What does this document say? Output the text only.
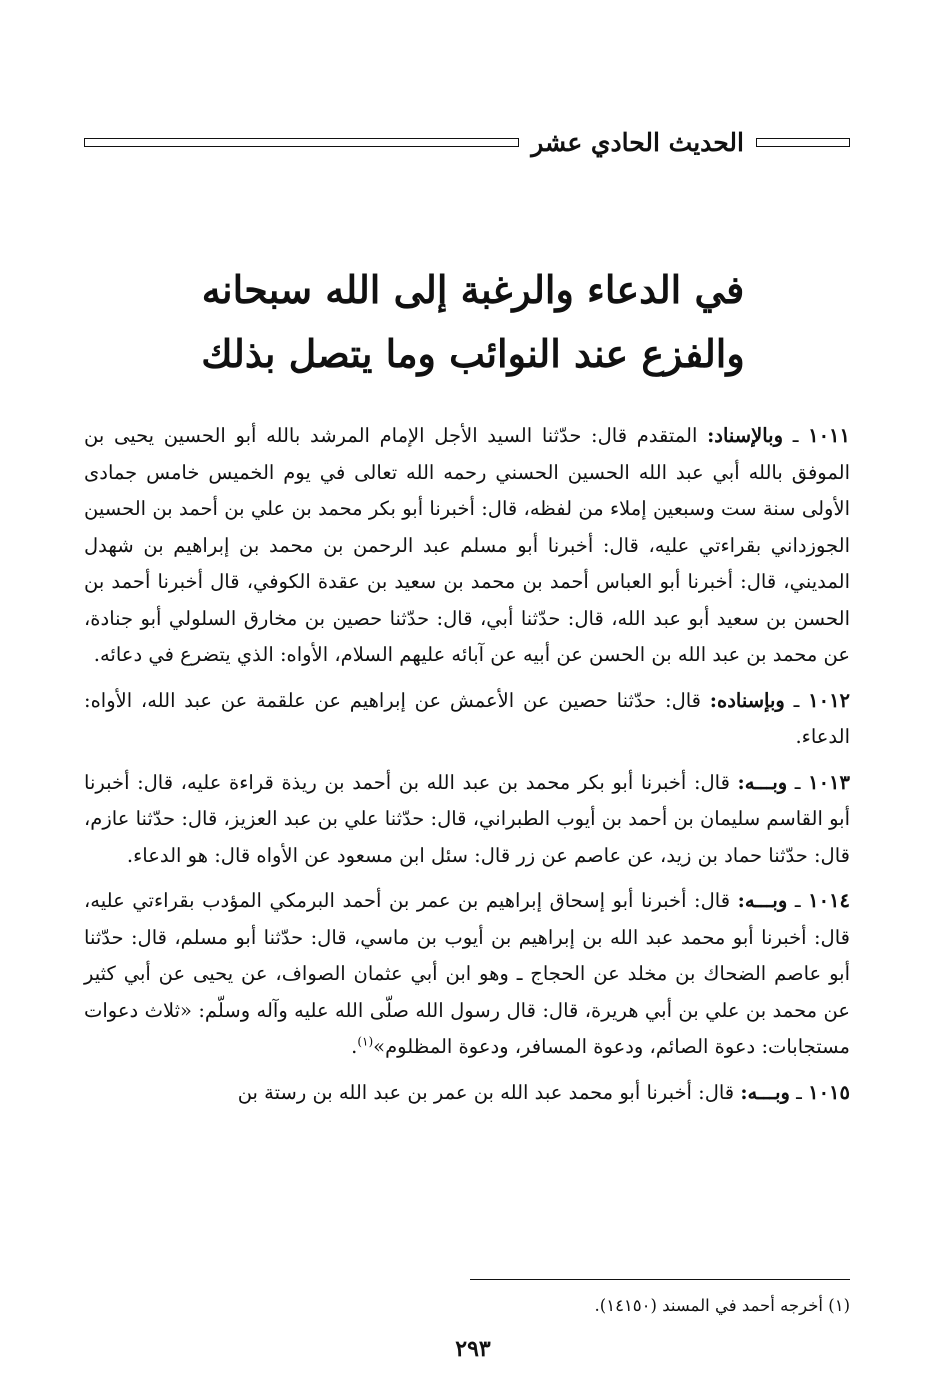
الحديث الحادي عشر
في الدعاء والرغبة إلى الله سبحانه
والفزع عند النوائب وما يتصل بذلك

١٠١١ ـ وبالإسناد: المتقدم قال: حدّثنا السيد الأجل الإمام المرشد بالله أبو الحسين يحيى بن الموفق بالله أبي عبد الله الحسين الحسني رحمه الله تعالى في يوم الخميس خامس جمادى الأولى سنة ست وسبعين إملاء من لفظه، قال: أخبرنا أبو بكر محمد بن علي بن أحمد بن الحسين الجوزداني بقراءتي عليه، قال: أخبرنا أبو مسلم عبد الرحمن بن محمد بن إبراهيم بن شهدل المديني، قال: أخبرنا أبو العباس أحمد بن محمد بن سعيد بن عقدة الكوفي، قال أخبرنا أحمد بن الحسن بن سعيد أبو عبد الله، قال: حدّثنا أبي، قال: حدّثنا حصين بن مخارق السلولي أبو جنادة، عن محمد بن عبد الله بن الحسن عن أبيه عن آبائه عليهم السلام، الأواه: الذي يتضرع في دعائه.

١٠١٢ ـ وبإسناده: قال: حدّثنا حصين عن الأعمش عن إبراهيم عن علقمة عن عبد الله، الأواه: الدعاء.

١٠١٣ ـ وبـــه: قال: أخبرنا أبو بكر محمد بن عبد الله بن أحمد بن ريذة قراءة عليه، قال: أخبرنا أبو القاسم سليمان بن أحمد بن أيوب الطبراني، قال: حدّثنا علي بن عبد العزيز، قال: حدّثنا عازم، قال: حدّثنا حماد بن زيد، عن عاصم عن زر قال: سئل ابن مسعود عن الأواه قال: هو الدعاء.

١٠١٤ ـ وبـــه: قال: أخبرنا أبو إسحاق إبراهيم بن عمر بن أحمد البرمكي المؤدب بقراءتي عليه، قال: أخبرنا أبو محمد عبد الله بن إبراهيم بن أيوب بن ماسي، قال: حدّثنا أبو مسلم، قال: حدّثنا أبو عاصم الضحاك بن مخلد عن الحجاج ـ وهو ابن أبي عثمان الصواف، عن يحيى عن أبي كثير عن محمد بن علي بن أبي هريرة، قال: قال رسول الله صلّى الله عليه وآله وسلّم: «ثلاث دعوات مستجابات: دعوة الصائم، ودعوة المسافر، ودعوة المظلوم»$^{(١)}$.

١٠١٥ ـ وبـــه: قال: أخبرنا أبو محمد عبد الله بن عمر بن عبد الله بن رستة بن

(١) أخرجه أحمد في المسند (١٤١٥٠).
٢٩٣
